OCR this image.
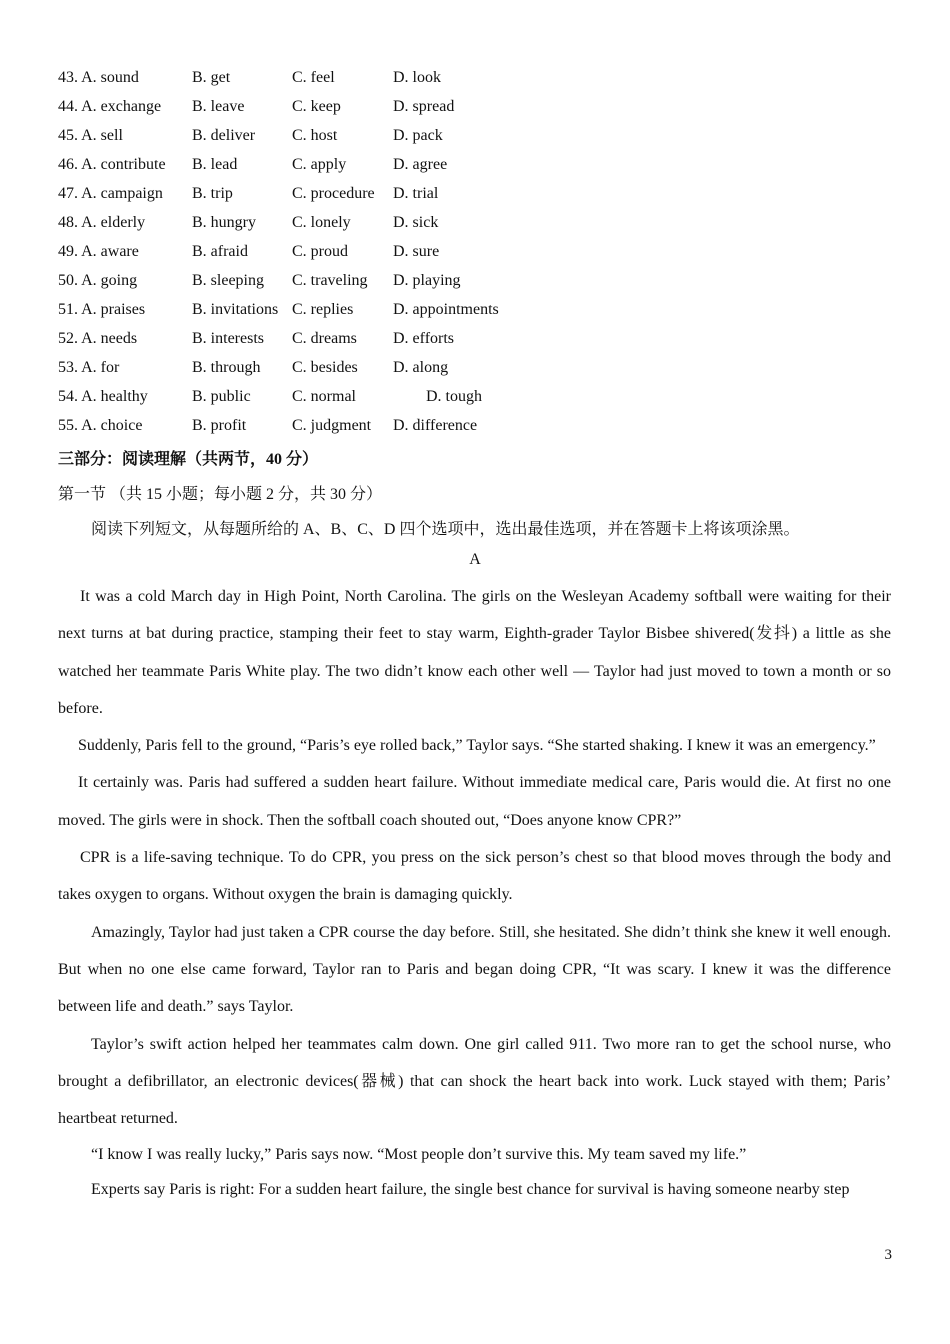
43. A. sound	B. get	C. feel	D. look
44. A. exchange B. leave	C. keep	D. spread
45. A. sell	B. deliver C. host	D. pack
46. A. contribute B. lead	C. apply	D. agree
47. A. campaign B. trip	C. procedure D. trial
48. A. elderly	B. hungry C. lonely	D. sick
49. A. aware	B. afraid	C. proud	D. sure
50. A. going	B. sleeping C. traveling D. playing
51. A. praises	B. invitations C. replies D. appointments
52. A. needs	B. interests C. dreams D. efforts
53. A. for	B. through C. besides D. along
54. A. healthy	B. public	C. normal	D. tough
55. A. choice	B. profit	C. judgment D. difference
三部分：阅读理解（共两节，40 分）
第一节 （共 15 小题；每小题 2 分，共 30 分）
阅读下列短文，从每题所给的 A、B、C、D 四个选项中，选出最佳选项，并在答题卡上将该项涂黑。
A

It was a cold March day in High Point, North Carolina. The girls on the Wesleyan Academy softball were waiting for their next turns at bat during practice, stamping their feet to stay warm, Eighth-grader Taylor Bisbee shivered(发抖) a little as she watched her teammate Paris White play. The two didn’t know each other well — Taylor had just moved to town a month or so before.

Suddenly, Paris fell to the ground, “Paris’s eye rolled back,” Taylor says. “She started shaking. I knew it was an emergency.”

It certainly was. Paris had suffered a sudden heart failure. Without immediate medical care, Paris would die. At first no one moved. The girls were in shock. Then the softball coach shouted out, “Does anyone know CPR?”

CPR is a life-saving technique. To do CPR, you press on the sick person’s chest so that blood moves through the body and takes oxygen to organs. Without oxygen the brain is damaging quickly.

Amazingly, Taylor had just taken a CPR course the day before. Still, she hesitated. She didn’t think she knew it well enough. But when no one else came forward, Taylor ran to Paris and began doing CPR, “It was scary. I knew it was the difference between life and death.” says Taylor.

Taylor’s swift action helped her teammates calm down. One girl called 911. Two more ran to get the school nurse, who brought a defibrillator, an electronic devices(器械) that can shock the heart back into work. Luck stayed with them; Paris’ heartbeat returned.

“I know I was really lucky,” Paris says now. “Most people don’t survive this. My team saved my life.”

Experts say Paris is right: For a sudden heart failure, the single best chance for survival is having someone nearby step

3
